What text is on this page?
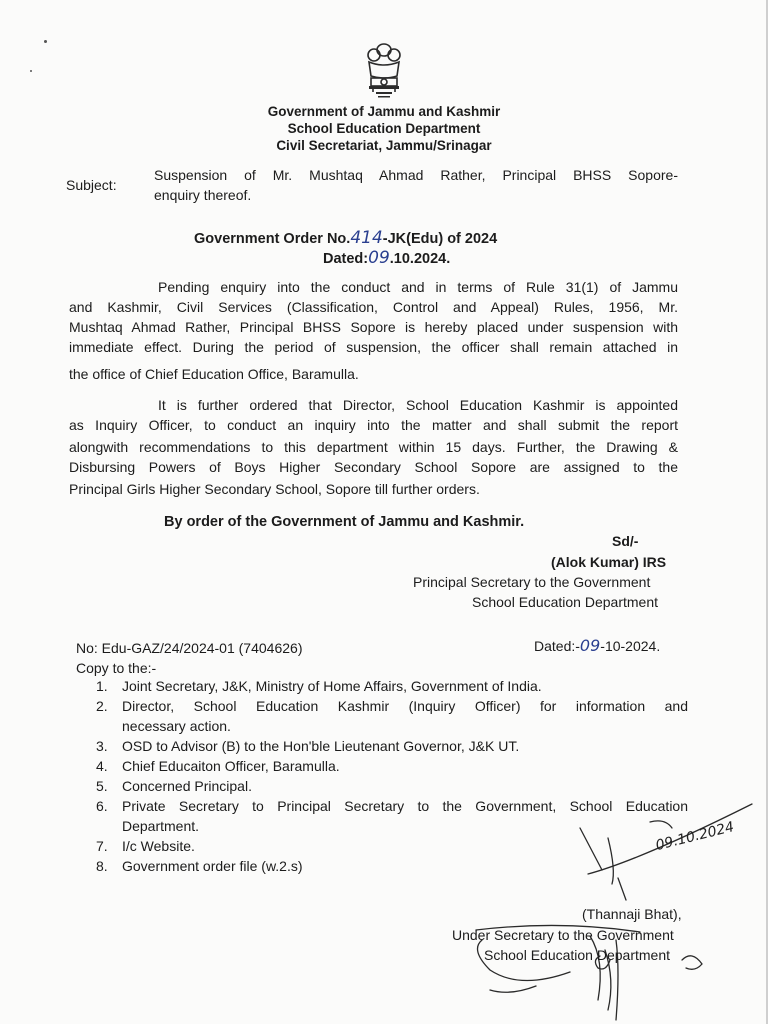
Government of Jammu and Kashmir
School Education Department
Civil Secretariat, Jammu/Srinagar
Subject:
Suspension of Mr. Mushtaq Ahmad Rather, Principal BHSS Sopore-
enquiry thereof.
Government Order No.414-JK(Edu) of 2024
Dated:09.10.2024.
Pending enquiry into the conduct and in terms of Rule 31(1) of Jammu
and Kashmir, Civil Services (Classification, Control and Appeal) Rules, 1956, Mr.
Mushtaq Ahmad Rather, Principal BHSS Sopore is hereby placed under suspension with
immediate effect. During the period of suspension, the officer shall remain attached in
the office of Chief Education Office, Baramulla.
It is further ordered that Director, School Education Kashmir is appointed
as Inquiry Officer, to conduct an inquiry into the matter and shall submit the report
alongwith recommendations to this department within 15 days. Further, the Drawing &
Disbursing Powers of Boys Higher Secondary School Sopore are assigned to the
Principal Girls Higher Secondary School, Sopore till further orders.
By order of the Government of Jammu and Kashmir.
Sd/-
(Alok Kumar) IRS
Principal Secretary to the Government
School Education Department
No: Edu-GAZ/24/2024-01 (7404626)	Dated:-09-10-2024.
Copy to the:-
1. Joint Secretary, J&K, Ministry of Home Affairs, Government of India.
2. Director, School Education Kashmir (Inquiry Officer) for information and
necessary action.
3. OSD to Advisor (B) to the Hon'ble Lieutenant Governor, J&K UT.
4. Chief Educaiton Officer, Baramulla.
5. Concerned Principal.
6. Private Secretary to Principal Secretary to the Government, School Education
Department.
7. I/c Website.
8. Government order file (w.2.s)
09.10.2024
(Thannaji Bhat),
Under Secretary to the Government
School Education Department
